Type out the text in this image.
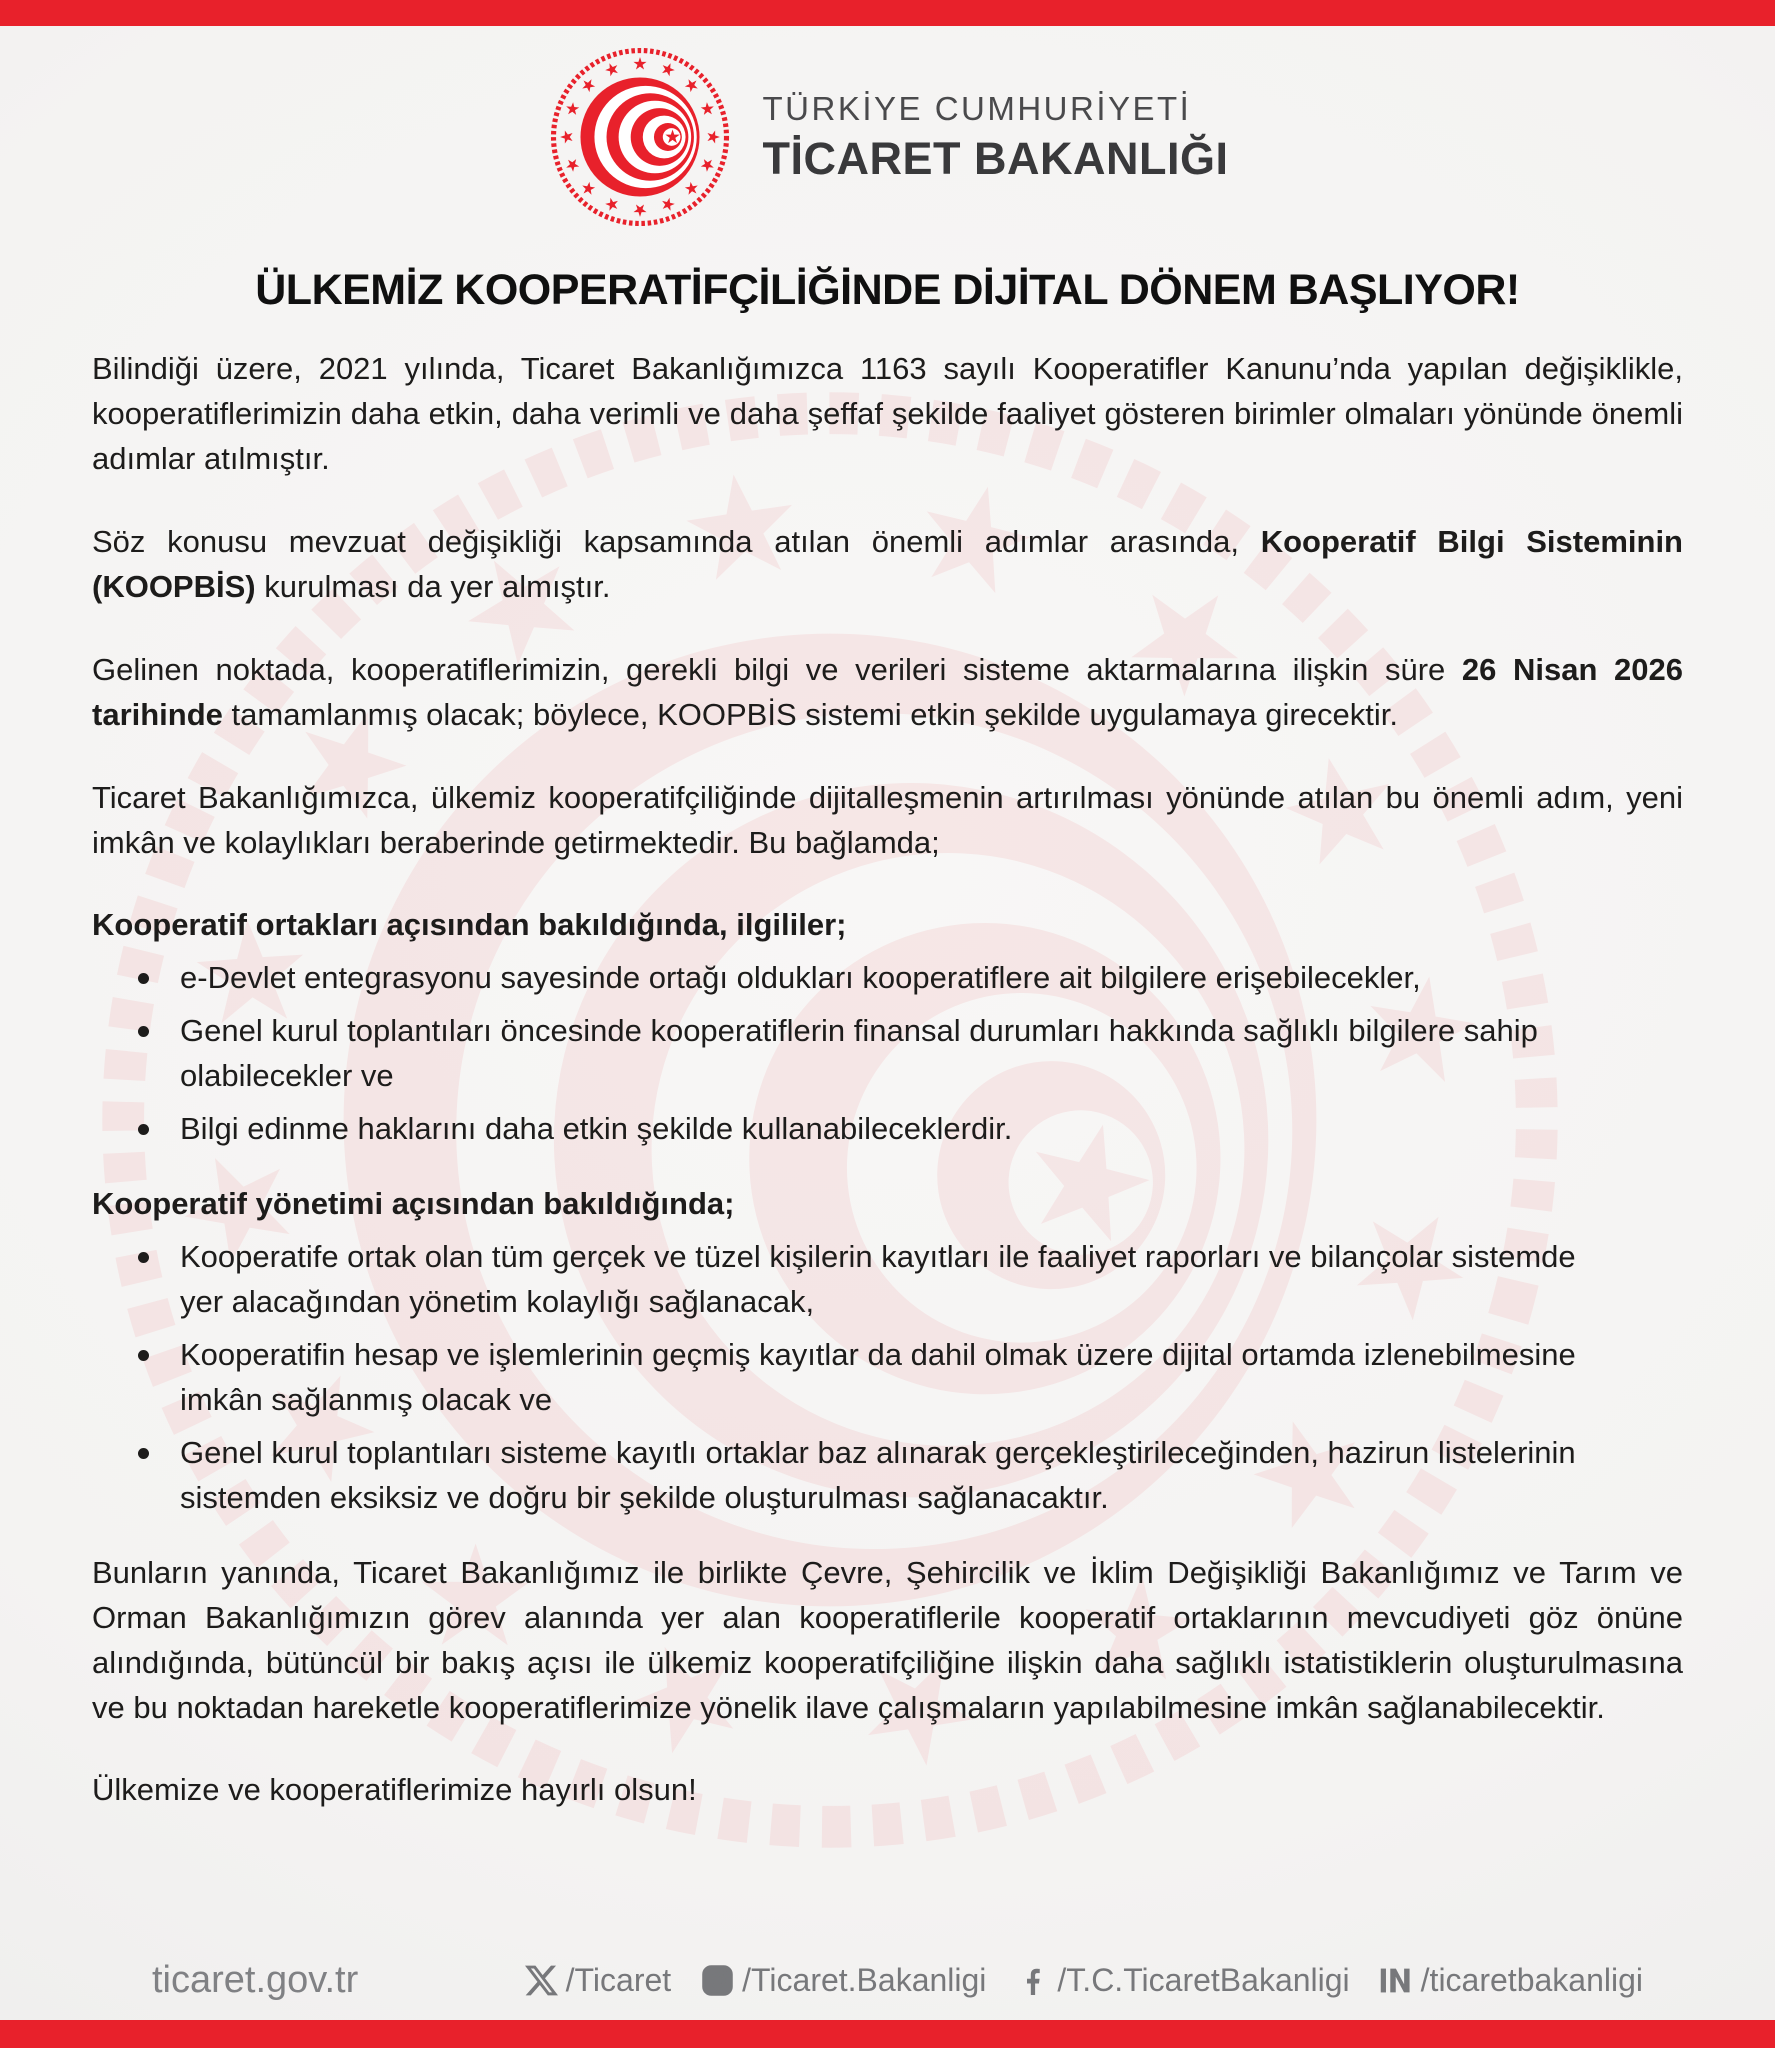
TÜRKİYE CUMHURİYETİ
TİCARET BAKANLIĞI
ÜLKEMİZ KOOPERATİFÇİLİĞİNDE DİJİTAL DÖNEM BAŞLIYOR!

Bilindiği üzere, 2021 yılında, Ticaret Bakanlığımızca 1163 sayılı Kooperatifler Kanunu’nda yapılan değişiklikle, kooperatiflerimizin daha etkin, daha verimli ve daha şeffaf şekilde faaliyet gösteren birimler olmaları yönünde önemli adımlar atılmıştır.

Söz konusu mevzuat değişikliği kapsamında atılan önemli adımlar arasında, Kooperatif Bilgi Sisteminin (KOOPBİS) kurulması da yer almıştır.

Gelinen noktada, kooperatiflerimizin, gerekli bilgi ve verileri sisteme aktarmalarına ilişkin süre 26 Nisan 2026 tarihinde tamamlanmış olacak; böylece, KOOPBİS sistemi etkin şekilde uygulamaya girecektir.

Ticaret Bakanlığımızca, ülkemiz kooperatifçiliğinde dijitalleşmenin artırılması yönünde atılan bu önemli adım, yeni imkân ve kolaylıkları beraberinde getirmektedir. Bu bağlamda;

Kooperatif ortakları açısından bakıldığında, ilgililer;
e-Devlet entegrasyonu sayesinde ortağı oldukları kooperatiflere ait bilgilere erişebilecekler,
Genel kurul toplantıları öncesinde kooperatiflerin finansal durumları hakkında sağlıklı bilgilere sahip olabilecekler ve
Bilgi edinme haklarını daha etkin şekilde kullanabileceklerdir.
Kooperatif yönetimi açısından bakıldığında;
Kooperatife ortak olan tüm gerçek ve tüzel kişilerin kayıtları ile faaliyet raporları ve bilançolar sistemde yer alacağından yönetim kolaylığı sağlanacak,
Kooperatifin hesap ve işlemlerinin geçmiş kayıtlar da dahil olmak üzere dijital ortamda izlenebilmesine imkân sağlanmış olacak ve
Genel kurul toplantıları sisteme kayıtlı ortaklar baz alınarak gerçekleştirileceğinden, hazirun listelerinin sistemden eksiksiz ve doğru bir şekilde oluşturulması sağlanacaktır.

Bunların yanında, Ticaret Bakanlığımız ile birlikte Çevre, Şehircilik ve İklim Değişikliği Bakanlığımız ve Tarım ve Orman Bakanlığımızın görev alanında yer alan kooperatiflerile kooperatif ortaklarının mevcudiyeti göz önüne alındığında, bütüncül bir bakış açısı ile ülkemiz kooperatifçiliğine ilişkin daha sağlıklı istatistiklerin oluşturulmasına ve bu noktadan hareketle kooperatiflerimize yönelik ilave çalışmaların yapılabilmesine imkân sağlanabilecektir.

Ülkemize ve kooperatiflerimize hayırlı olsun!

ticaret.gov.tr	/Ticaret /Ticaret.Bakanligi /T.C.TicaretBakanligi /ticaretbakanligi
